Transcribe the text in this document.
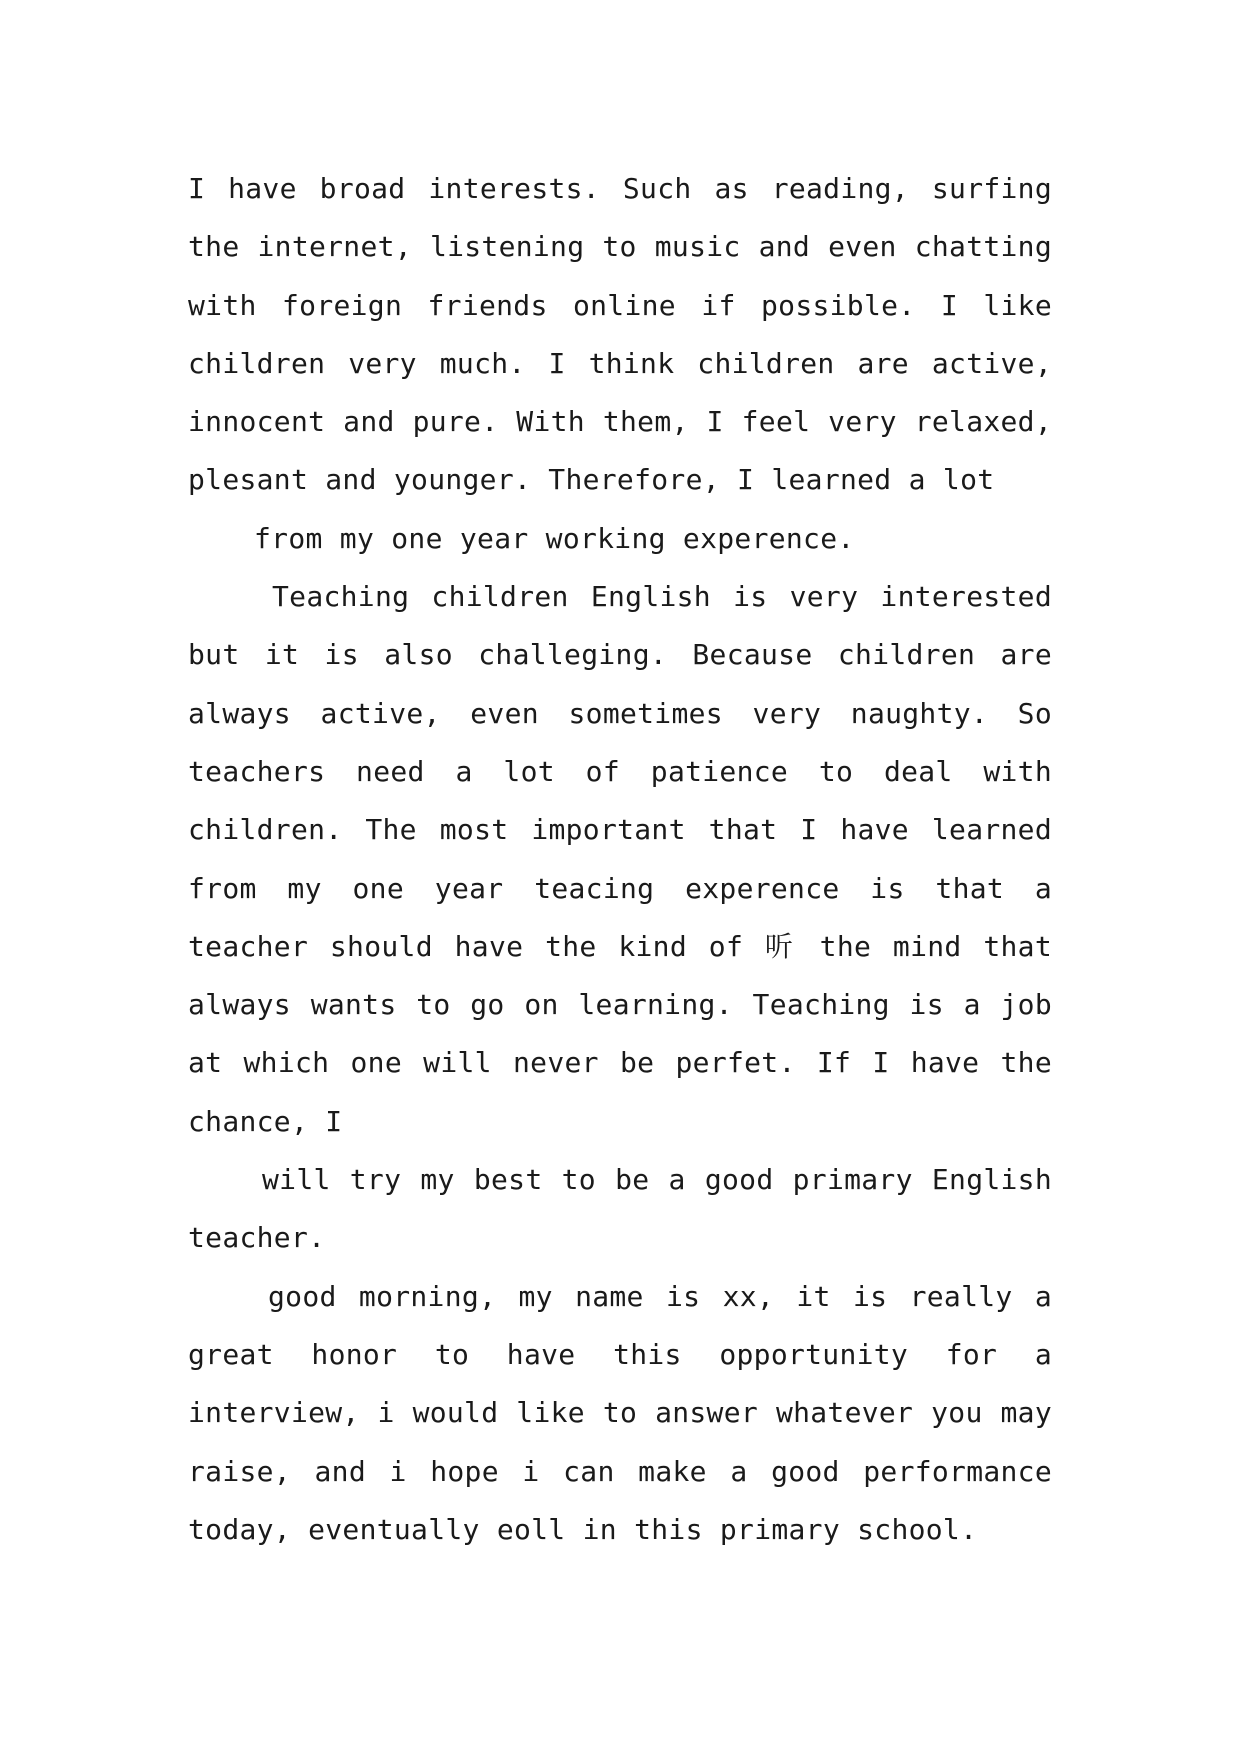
I have broad interests. Such as reading, surfing
the internet, listening to music and even chatting
with foreign friends online if possible. I like
children very much. I think children are active,
innocent and pure. With them, I feel very relaxed,
plesant and younger. Therefore, I learned a lot
from my one year working experence.
Teaching children English is very interested
but it is also challeging. Because children are
always active, even sometimes very naughty. So
teachers need a lot of patience to deal with
children. The most important that I have learned
from my one year teacing experence is that a
teacher should have the kind of 听 the mind that
always wants to go on learning. Teaching is a job
at which one will never be perfet. If I have the
chance, I
will try my best to be a good primary English
teacher.
good morning, my name is xx, it is really a
great honor to have this opportunity for a
interview, i would like to answer whatever you may
raise, and i hope i can make a good performance
today, eventually eoll in this primary school.
